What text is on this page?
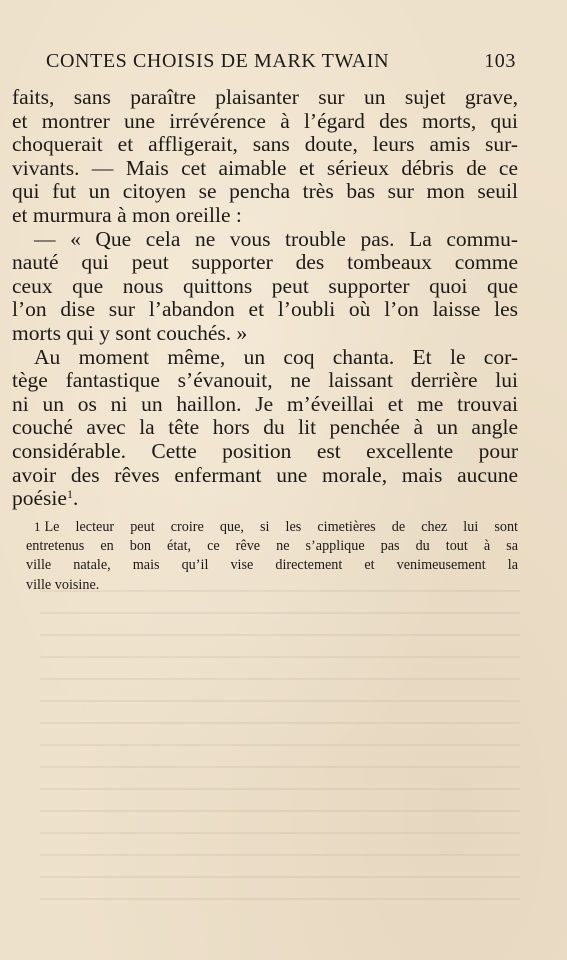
CONTES CHOISIS DE MARK TWAIN	103
faits, sans paraître plaisanter sur un sujet grave,
et montrer une irrévérence à l’égard des morts, qui
choquerait et affligerait, sans doute, leurs amis sur-
vivants. — Mais cet aimable et sérieux débris de ce
qui fut un citoyen se pencha très bas sur mon seuil
et murmura à mon oreille :
— « Que cela ne vous trouble pas. La commu-
nauté qui peut supporter des tombeaux comme
ceux que nous quittons peut supporter quoi que
l’on dise sur l’abandon et l’oubli où l’on laisse les
morts qui y sont couchés. »
Au moment même, un coq chanta. Et le cor-
tège fantastique s’évanouit, ne laissant derrière lui
ni un os ni un haillon. Je m’éveillai et me trouvai
couché avec la tête hors du lit penchée à un angle
considérable. Cette position est excellente pour
avoir des rêves enfermant une morale, mais aucune
poésie$^1$.
1 Le lecteur peut croire que, si les cimetières de chez lui sont
entretenus en bon état, ce rêve ne s’applique pas du tout à sa
ville natale, mais qu’il vise directement et venimeusement la
ville voisine.
